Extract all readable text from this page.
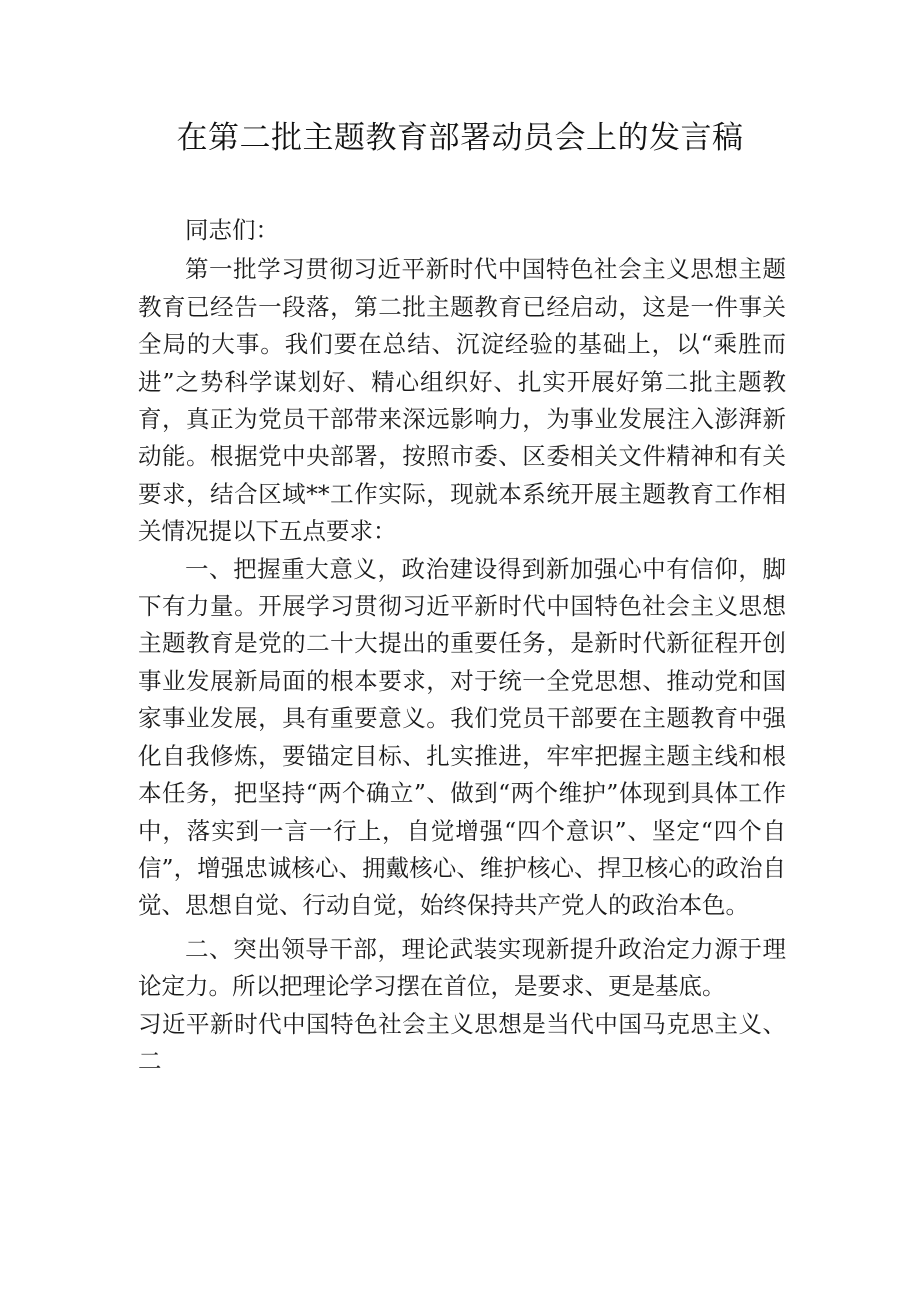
在第二批主题教育部署动员会上的发言稿

同志们：

第一批学习贯彻习近平新时代中国特色社会主义思想主题教育已经告一段落，第二批主题教育已经启动，这是一件事关全局的大事。我们要在总结、沉淀经验的基础上，以“乘胜而进”之势科学谋划好、精心组织好、扎实开展好第二批主题教育，真正为党员干部带来深远影响力，为事业发展注入澎湃新动能。根据党中央部署，按照市委、区委相关文件精神和有关要求，结合区域**工作实际，现就本系统开展主题教育工作相关情况提以下五点要求：

一、把握重大意义，政治建设得到新加强心中有信仰，脚下有力量。开展学习贯彻习近平新时代中国特色社会主义思想主题教育是党的二十大提出的重要任务，是新时代新征程开创事业发展新局面的根本要求，对于统一全党思想、推动党和国家事业发展，具有重要意义。我们党员干部要在主题教育中强化自我修炼，要锚定目标、扎实推进，牢牢把握主题主线和根本任务，把坚持“两个确立”、做到“两个维护”体现到具体工作中，落实到一言一行上，自觉增强“四个意识”、坚定“四个自信”，增强忠诚核心、拥戴核心、维护核心、捍卫核心的政治自觉、思想自觉、行动自觉，始终保持共产党人的政治本色。

二、突出领导干部，理论武装实现新提升政治定力源于理论定力。所以把理论学习摆在首位，是要求、更是基底。

习近平新时代中国特色社会主义思想是当代中国马克思主义、二
